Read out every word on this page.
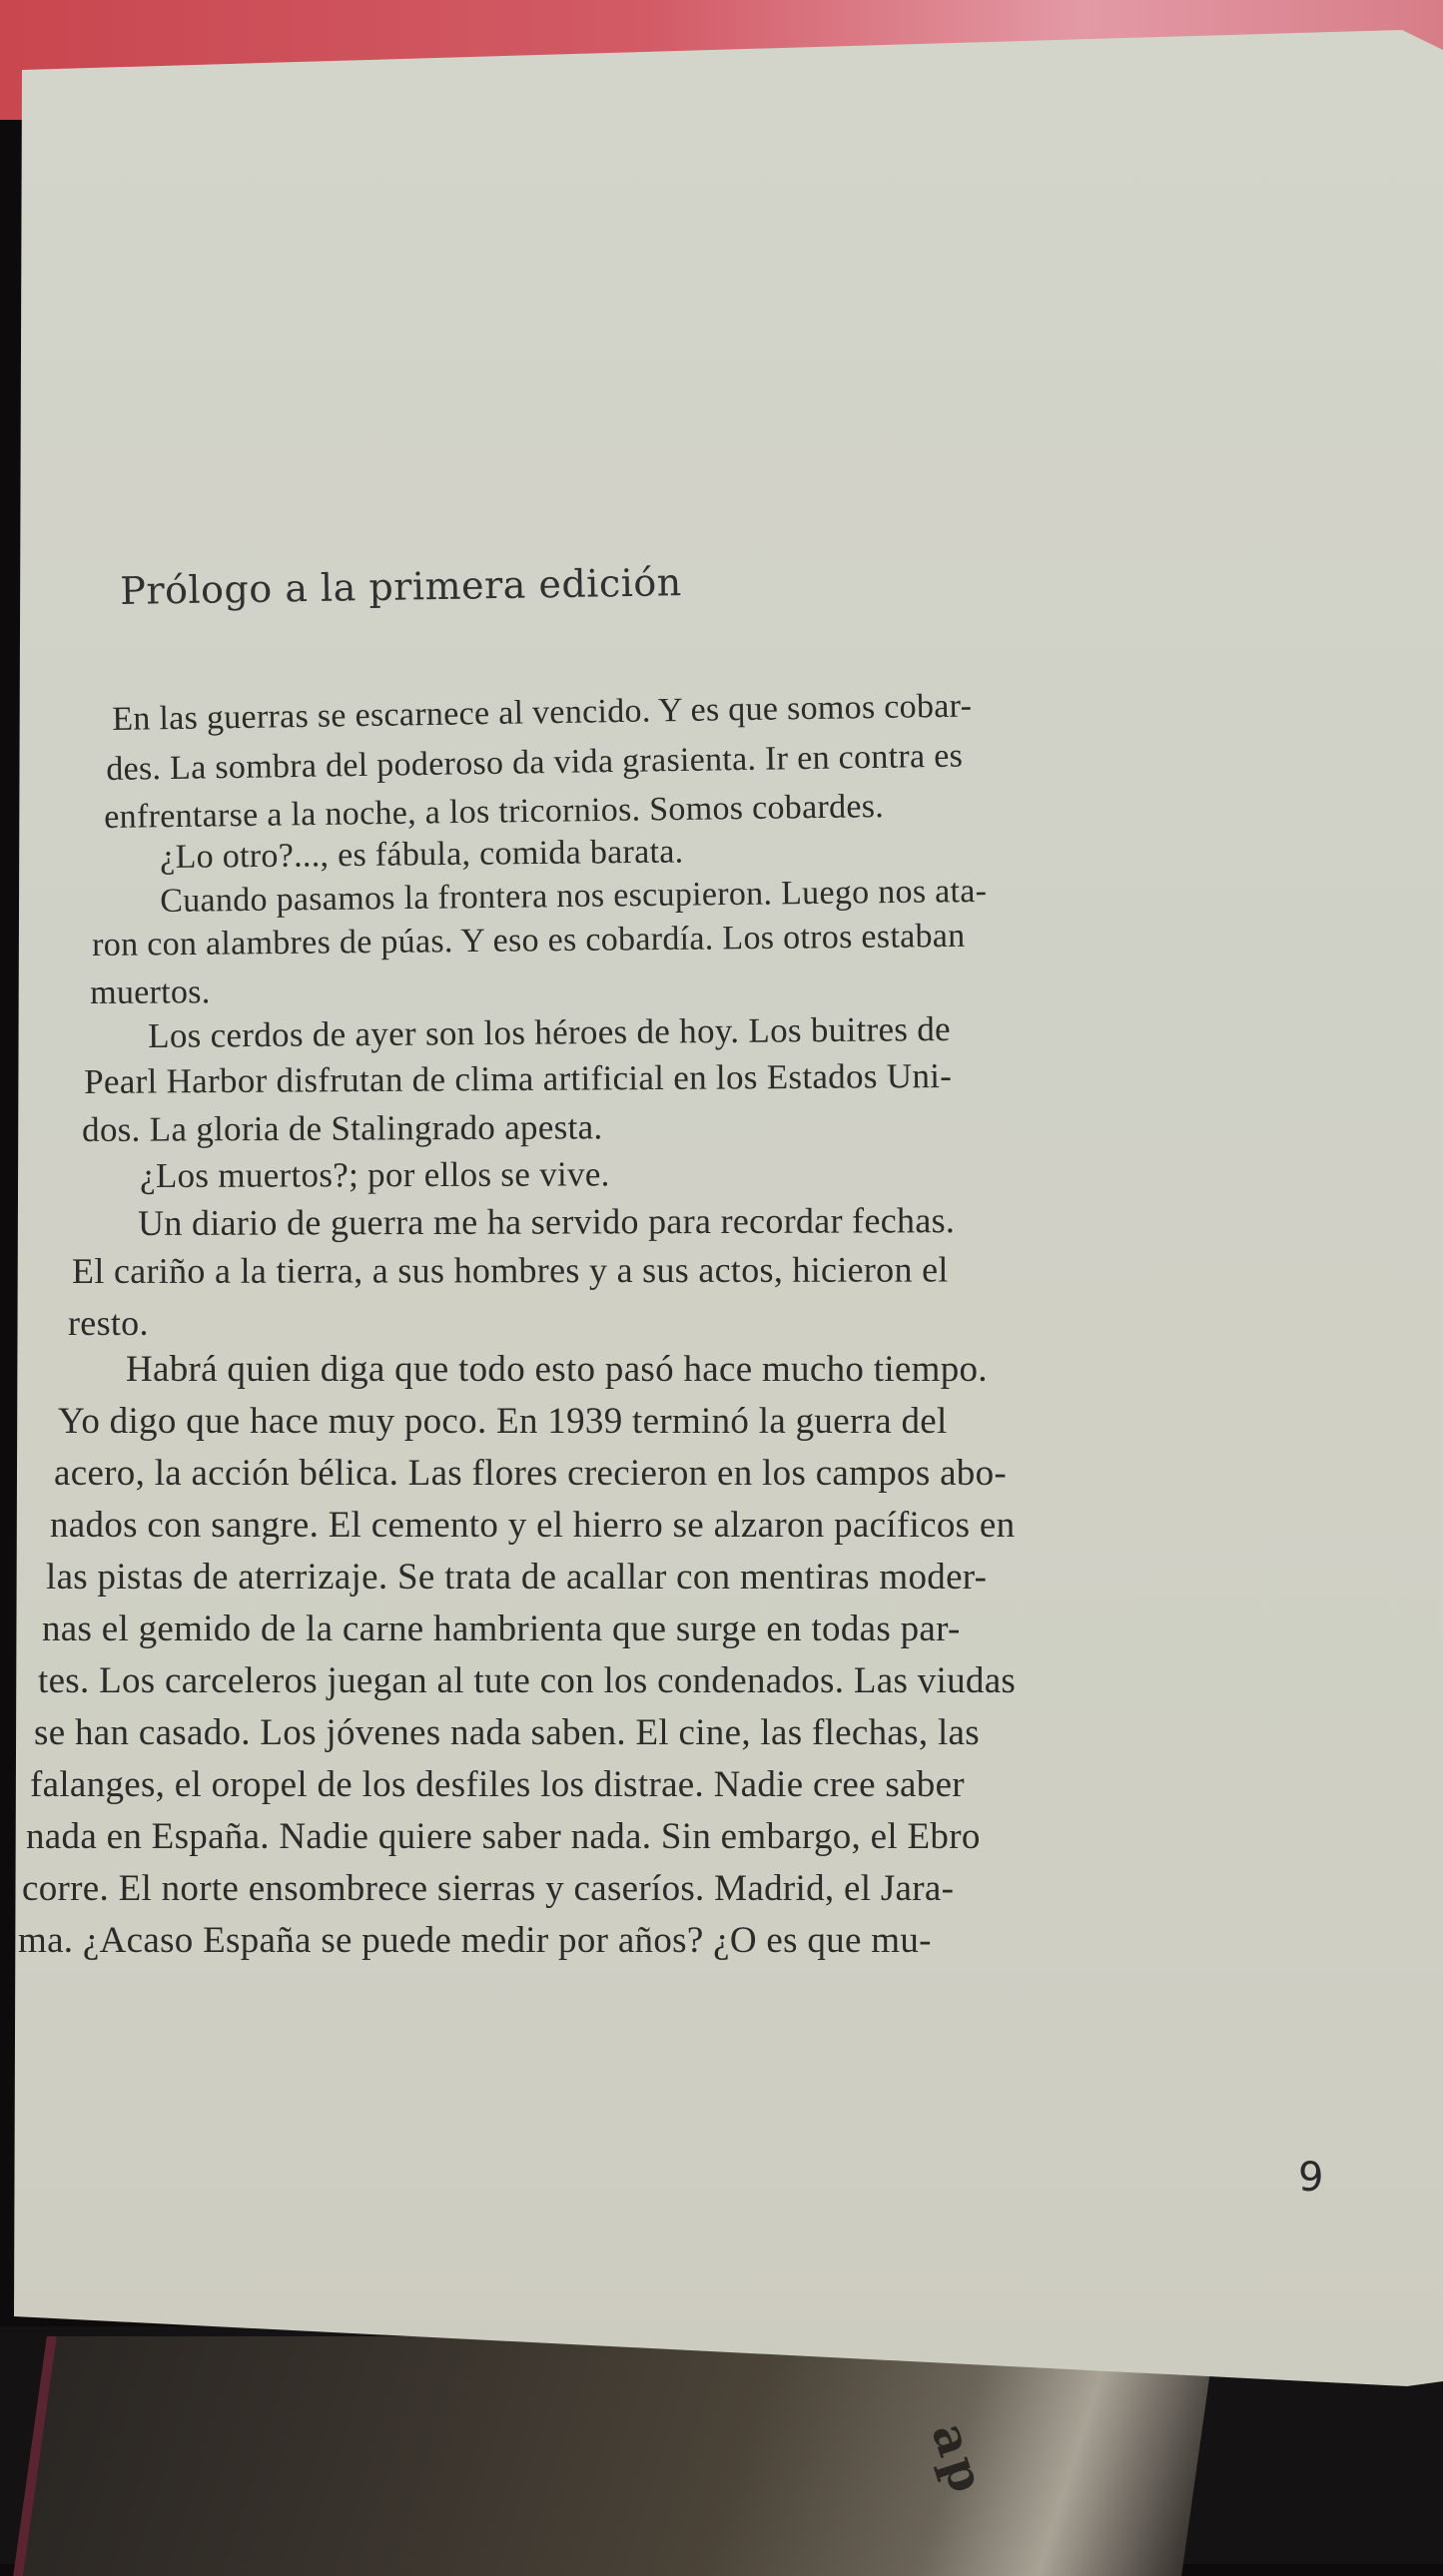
ap
Prólogo a la primera edición
En las guerras se escarnece al vencido. Y es que somos cobar-
des. La sombra del poderoso da vida grasienta. Ir en contra es
enfrentarse a la noche, a los tricornios. Somos cobardes.
¿Lo otro?..., es fábula, comida barata.
Cuando pasamos la frontera nos escupieron. Luego nos ata-
ron con alambres de púas. Y eso es cobardía. Los otros estaban
muertos.
Los cerdos de ayer son los héroes de hoy. Los buitres de
Pearl Harbor disfrutan de clima artificial en los Estados Uni-
dos. La gloria de Stalingrado apesta.
¿Los muertos?; por ellos se vive.
Un diario de guerra me ha servido para recordar fechas.
El cariño a la tierra, a sus hombres y a sus actos, hicieron el
resto.
Habrá quien diga que todo esto pasó hace mucho tiempo.
Yo digo que hace muy poco. En 1939 terminó la guerra del
acero, la acción bélica. Las flores crecieron en los campos abo-
nados con sangre. El cemento y el hierro se alzaron pacíficos en
las pistas de aterrizaje. Se trata de acallar con mentiras moder-
nas el gemido de la carne hambrienta que surge en todas par-
tes. Los carceleros juegan al tute con los condenados. Las viudas
se han casado. Los jóvenes nada saben. El cine, las flechas, las
falanges, el oropel de los desfiles los distrae. Nadie cree saber
nada en España. Nadie quiere saber nada. Sin embargo, el Ebro
corre. El norte ensombrece sierras y caseríos. Madrid, el Jara-
ma. ¿Acaso España se puede medir por años? ¿O es que mu-
9
